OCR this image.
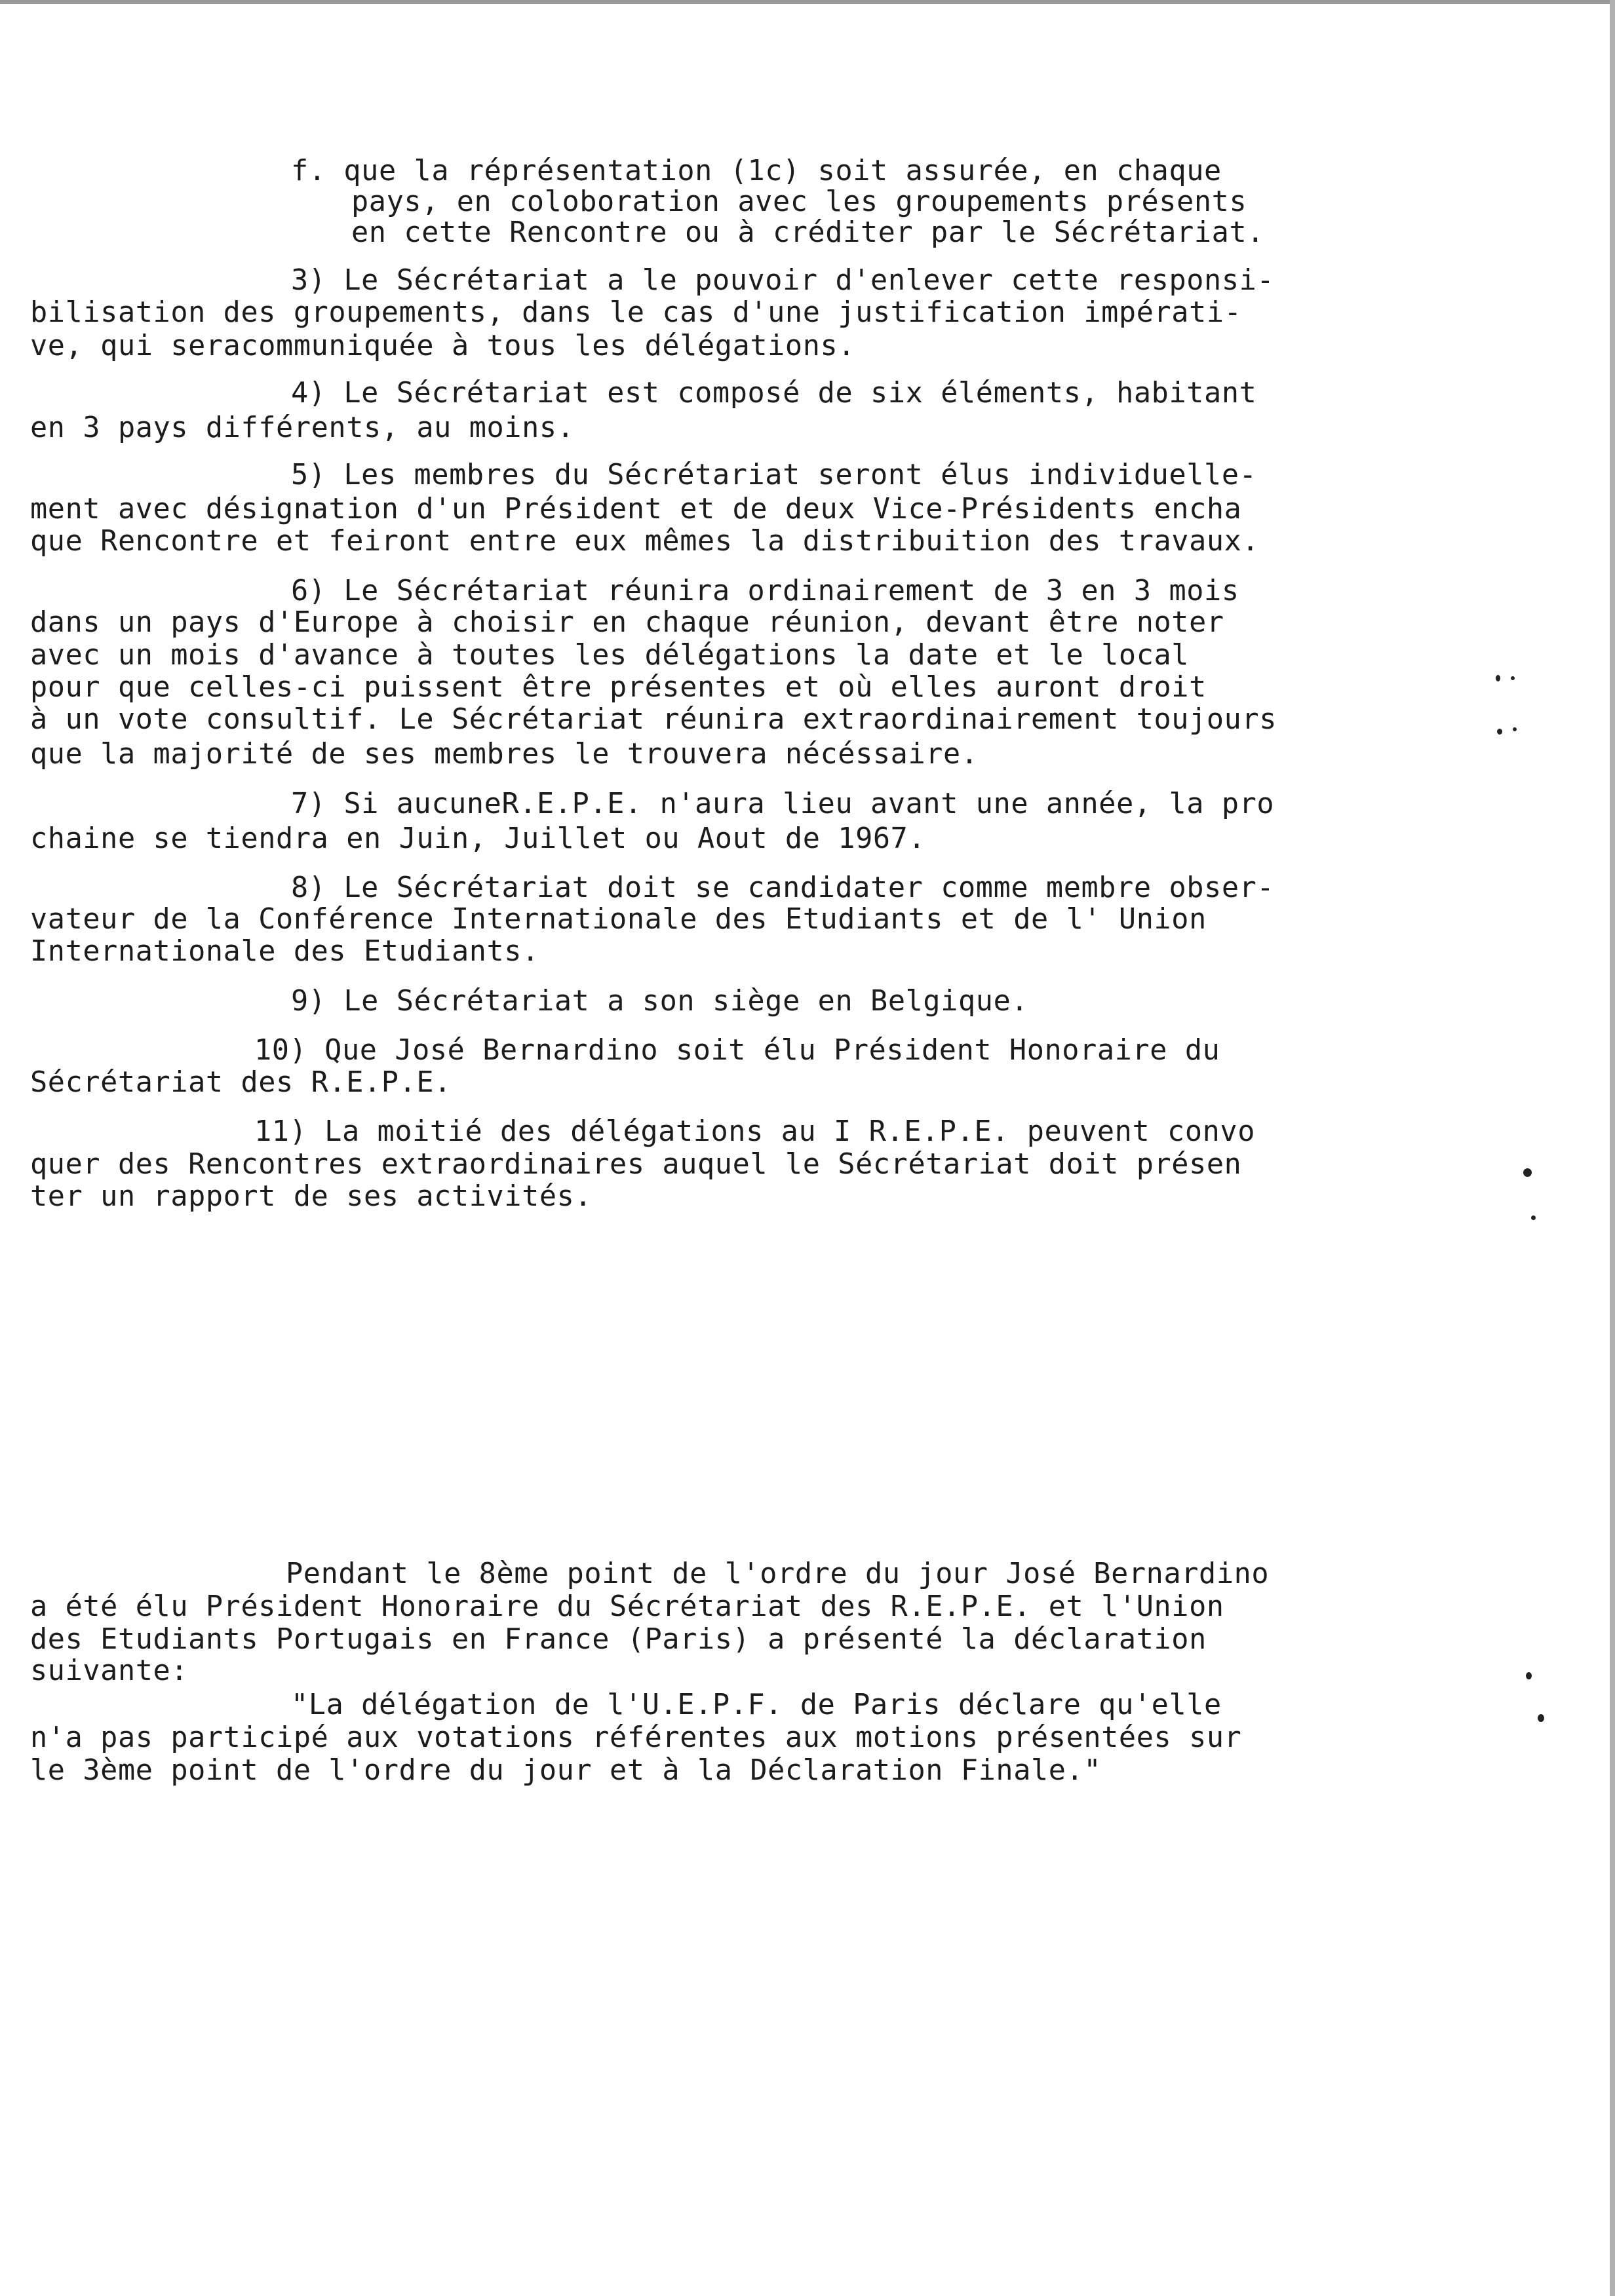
f. que la réprésentation (1c) soit assurée, en chaque
pays, en coloboration avec les groupements présents
en cette Rencontre ou à créditer par le Sécrétariat.
3) Le Sécrétariat a le pouvoir d'enlever cette responsi-
bilisation des groupements, dans le cas d'une justification impérati-
ve, qui seracommuniquée à tous les délégations.
4) Le Sécrétariat est composé de six éléments, habitant
en 3 pays différents, au moins.
5) Les membres du Sécrétariat seront élus individuelle-
ment avec désignation d'un Président et de deux Vice-Présidents encha
que Rencontre et feiront entre eux mêmes la distribuition des travaux.
6) Le Sécrétariat réunira ordinairement de 3 en 3 mois
dans un pays d'Europe à choisir en chaque réunion, devant être noter
avec un mois d'avance à toutes les délégations la date et le local
pour que celles-ci puissent être présentes et où elles auront droit
à un vote consultif. Le Sécrétariat réunira extraordinairement toujours
que la majorité de ses membres le trouvera nécéssaire.
7) Si aucuneR.E.P.E. n'aura lieu avant une année, la pro
chaine se tiendra en Juin, Juillet ou Aout de 1967.
8) Le Sécrétariat doit se candidater comme membre obser-
vateur de la Conférence Internationale des Etudiants et de l' Union
Internationale des Etudiants.
9) Le Sécrétariat a son siège en Belgique.
10) Que José Bernardino soit élu Président Honoraire du
Sécrétariat des R.E.P.E.
11) La moitié des délégations au I R.E.P.E. peuvent convo
quer des Rencontres extraordinaires auquel le Sécrétariat doit présen
ter un rapport de ses activités.
Pendant le 8ème point de l'ordre du jour José Bernardino
a été élu Président Honoraire du Sécrétariat des R.E.P.E. et l'Union
des Etudiants Portugais en France (Paris) a présenté la déclaration
suivante:
"La délégation de l'U.E.P.F. de Paris déclare qu'elle
n'a pas participé aux votations référentes aux motions présentées sur
le 3ème point de l'ordre du jour et à la Déclaration Finale."
